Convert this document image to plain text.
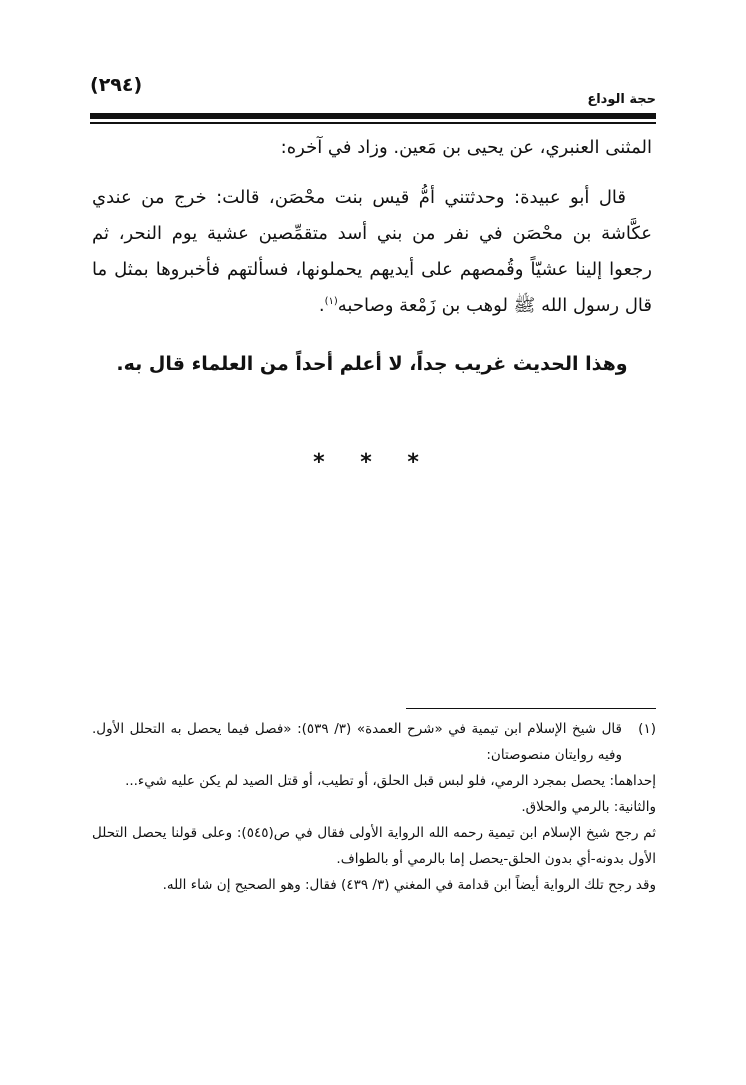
(٢٩٤)
حجة الوداع

المثنى العنبري، عن يحيى بن مَعين. وزاد في آخره:

قال أبو عبيدة: وحدثتني أمُّ قيس بنت محْصَن، قالت: خرج من عندي عكَّاشة بن محْصَن في نفر من بني أسد متقمِّصين عشية يوم النحر، ثم رجعوا إلينا عشيّاً وقُمصهم على أيديهم يحملونها، فسألتهم فأخبروها بمثل ما قال رسول الله ﷺ لوهب بن زَمْعة وصاحبه$^{(١)}$.

وهذا الحديث غريب جداً، لا أعلم أحداً من العلماء قال به.

* * *

(١)قال شيخ الإسلام ابن تيمية في «شرح العمدة» (٣/ ٥٣٩): «فصل فيما يحصل به التحلل الأول. وفيه روايتان منصوصتان:

إحداهما: يحصل بمجرد الرمي، فلو لبس قبل الحلق، أو تطيب، أو قتل الصيد لم يكن عليه شيء...

والثانية: بالرمي والحلاق.

ثم رجح شيخ الإسلام ابن تيمية رحمه الله الرواية الأولى فقال في ص(٥٤٥): وعلى قولنا يحصل التحلل الأول بدونه-أي بدون الحلق-يحصل إما بالرمي أو بالطواف.

وقد رجح تلك الرواية أيضاً ابن قدامة في المغني (٣/ ٤٣٩) فقال: وهو الصحيح إن شاء الله.
